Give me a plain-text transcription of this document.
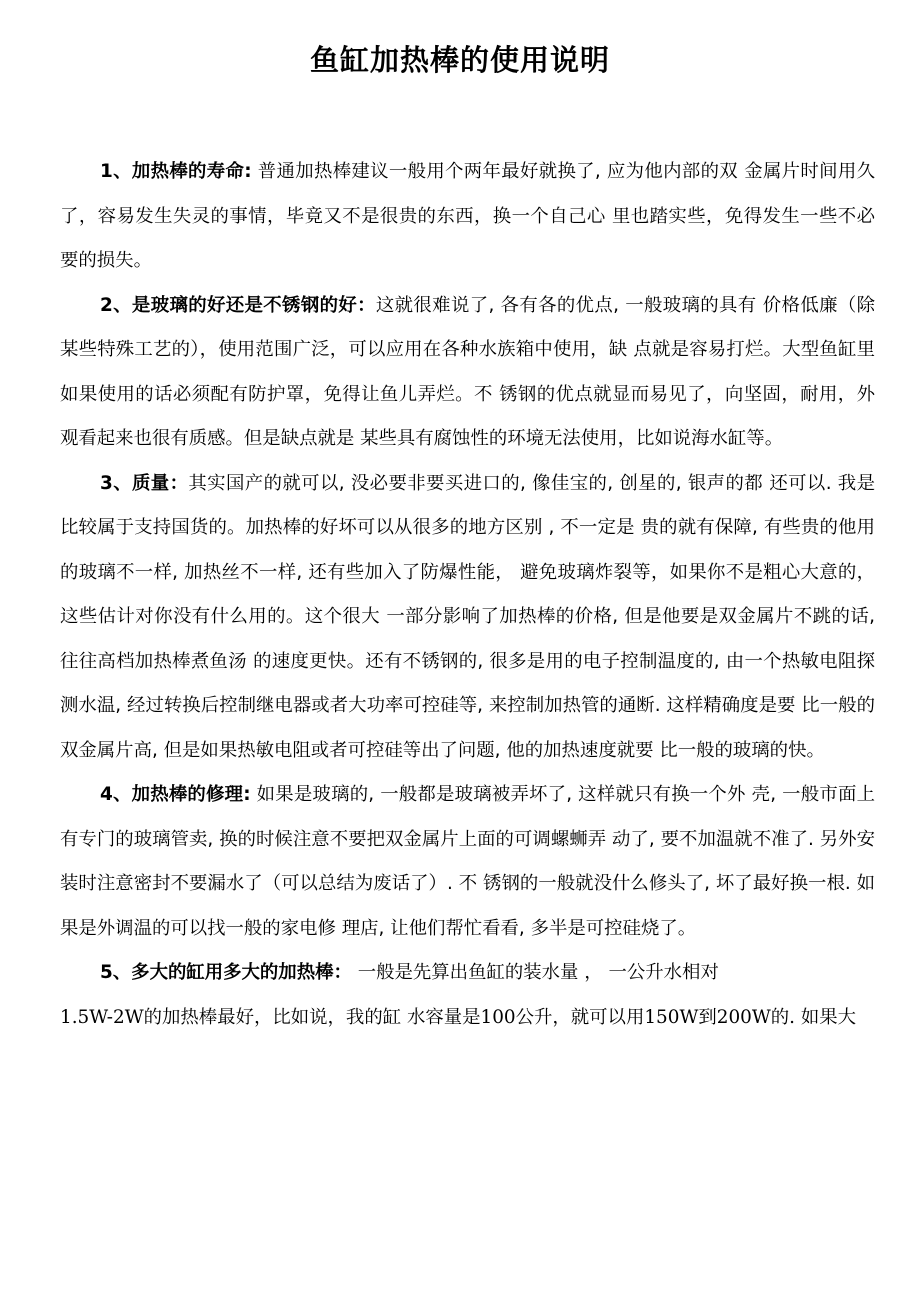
鱼缸加热棒的使用说明

1、加热棒的寿命: 普通加热棒建议一般用个两年最好就换了, 应为他内部的双 金属片时间用久了，容易发生失灵的事情，毕竟又不是很贵的东西，换一个自己心 里也踏实些，免得发生一些不必要的损失。

2、是玻璃的好还是不锈钢的好：这就很难说了, 各有各的优点, 一般玻璃的具有 价格低廉（除某些特殊工艺的），使用范围广泛，可以应用在各种水族箱中使用，缺 点就是容易打烂。大型鱼缸里如果使用的话必须配有防护罩，免得让鱼儿弄烂。不 锈钢的优点就显而易见了，向坚固，耐用，外观看起来也很有质感。但是缺点就是 某些具有腐蚀性的环境无法使用，比如说海水缸等。

3、质量：其实国产的就可以, 没必要非要买进口的, 像佳宝的, 创星的, 银声的都 还可以. 我是比较属于支持国货的。加热棒的好坏可以从很多的地方区别 , 不一定是 贵的就有保障, 有些贵的他用的玻璃不一样, 加热丝不一样, 还有些加入了防爆性能， 避免玻璃炸裂等，如果你不是粗心大意的，这些估计对你没有什么用的。这个很大 一部分影响了加热棒的价格, 但是他要是双金属片不跳的话, 往往高档加热棒煮鱼汤 的速度更快。还有不锈钢的, 很多是用的电子控制温度的, 由一个热敏电阻探测水温, 经过转换后控制继电器或者大功率可控硅等, 来控制加热管的通断. 这样精确度是要 比一般的双金属片高, 但是如果热敏电阻或者可控硅等出了问题, 他的加热速度就要 比一般的玻璃的快。

4、加热棒的修理: 如果是玻璃的, 一般都是玻璃被弄坏了, 这样就只有换一个外 壳, 一般市面上有专门的玻璃管卖, 换的时候注意不要把双金属片上面的可调螺蛳弄 动了, 要不加温就不准了. 另外安装时注意密封不要漏水了（可以总结为废话了）. 不 锈钢的一般就没什么修头了, 坏了最好换一根. 如果是外调温的可以找一般的家电修 理店, 让他们帮忙看看, 多半是可控硅烧了。

5、多大的缸用多大的加热棒： 一般是先算出鱼缸的装水量 ， 一公升水相对
1.5W-2W的加热棒最好，比如说，我的缸 水容量是100公升，就可以用150W到200W的. 如果大
